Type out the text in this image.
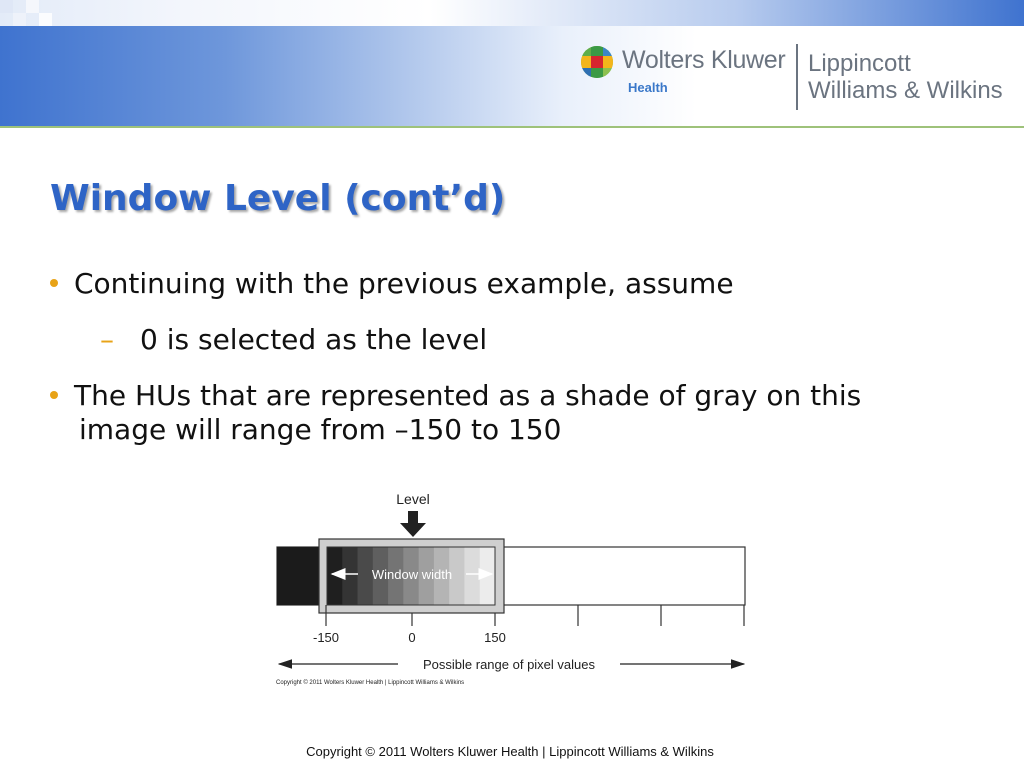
Wolters Kluwer
Health
Lippincott
Williams & Wilkins
Window Level (cont’d)
Continuing with the previous example, assume
– 0 is selected as the level
The HUs that are represented as a shade of gray on this
image will range from –150 to 150
Level
Window width
-150	0	150
Possible range of pixel values
Copyright © 2011 Wolters Kluwer Health | Lippincott Williams & Wilkins
Copyright © 2011 Wolters Kluwer Health | Lippincott Williams & Wilkins
